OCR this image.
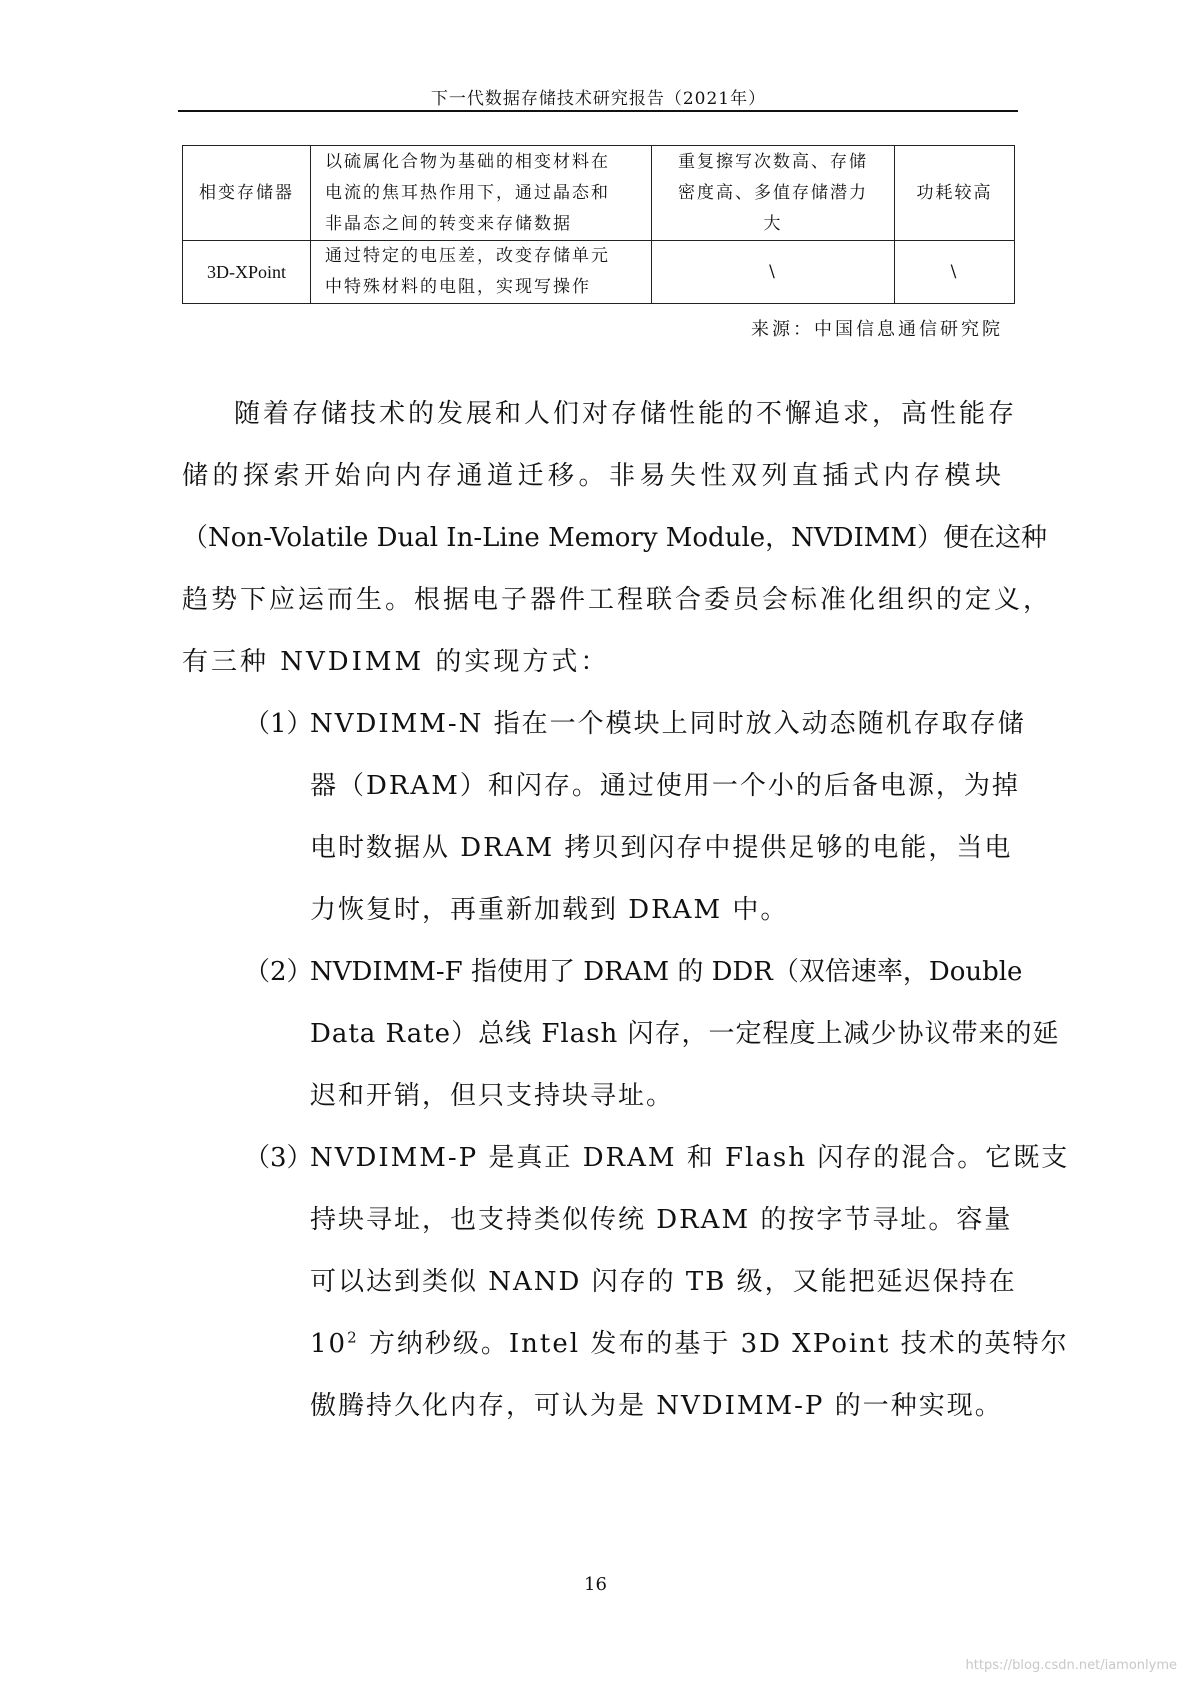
下一代数据存储技术研究报告（2021年）
相变存储器	以硫属化合物为基础的相变材料在
电流的焦耳热作用下，通过晶态和
非晶态之间的转变来存储数据	重复擦写次数高、存储
密度高、多值存储潜力
大	功耗较高
3D-XPoint	通过特定的电压差，改变存储单元
中特殊材料的电阻，实现写操作	\	\
来源：中国信息通信研究院
随着存储技术的发展和人们对存储性能的不懈追求，高性能存
储的探索开始向内存通道迁移。非易失性双列直插式内存模块
（Non-Volatile Dual In-Line Memory Module，NVDIMM）便在这种
趋势下应运而生。根据电子器件工程联合委员会标准化组织的定义，
有三种 NVDIMM 的实现方式：
（1）
NVDIMM-N 指在一个模块上同时放入动态随机存取存储
器（DRAM）和闪存。通过使用一个小的后备电源，为掉
电时数据从 DRAM 拷贝到闪存中提供足够的电能，当电
力恢复时，再重新加载到 DRAM 中。
（2）
NVDIMM-F 指使用了 DRAM 的 DDR（双倍速率，Double
Data Rate）总线 Flash 闪存，一定程度上减少协议带来的延
迟和开销，但只支持块寻址。
（3）
NVDIMM-P 是真正 DRAM 和 Flash 闪存的混合。它既支
持块寻址，也支持类似传统 DRAM 的按字节寻址。容量
可以达到类似 NAND 闪存的 TB 级，又能把延迟保持在
$10^2$ 方纳秒级。Intel 发布的基于 3D XPoint 技术的英特尔
傲腾持久化内存，可认为是 NVDIMM-P 的一种实现。
16
https://blog.csdn.net/iamonlyme
